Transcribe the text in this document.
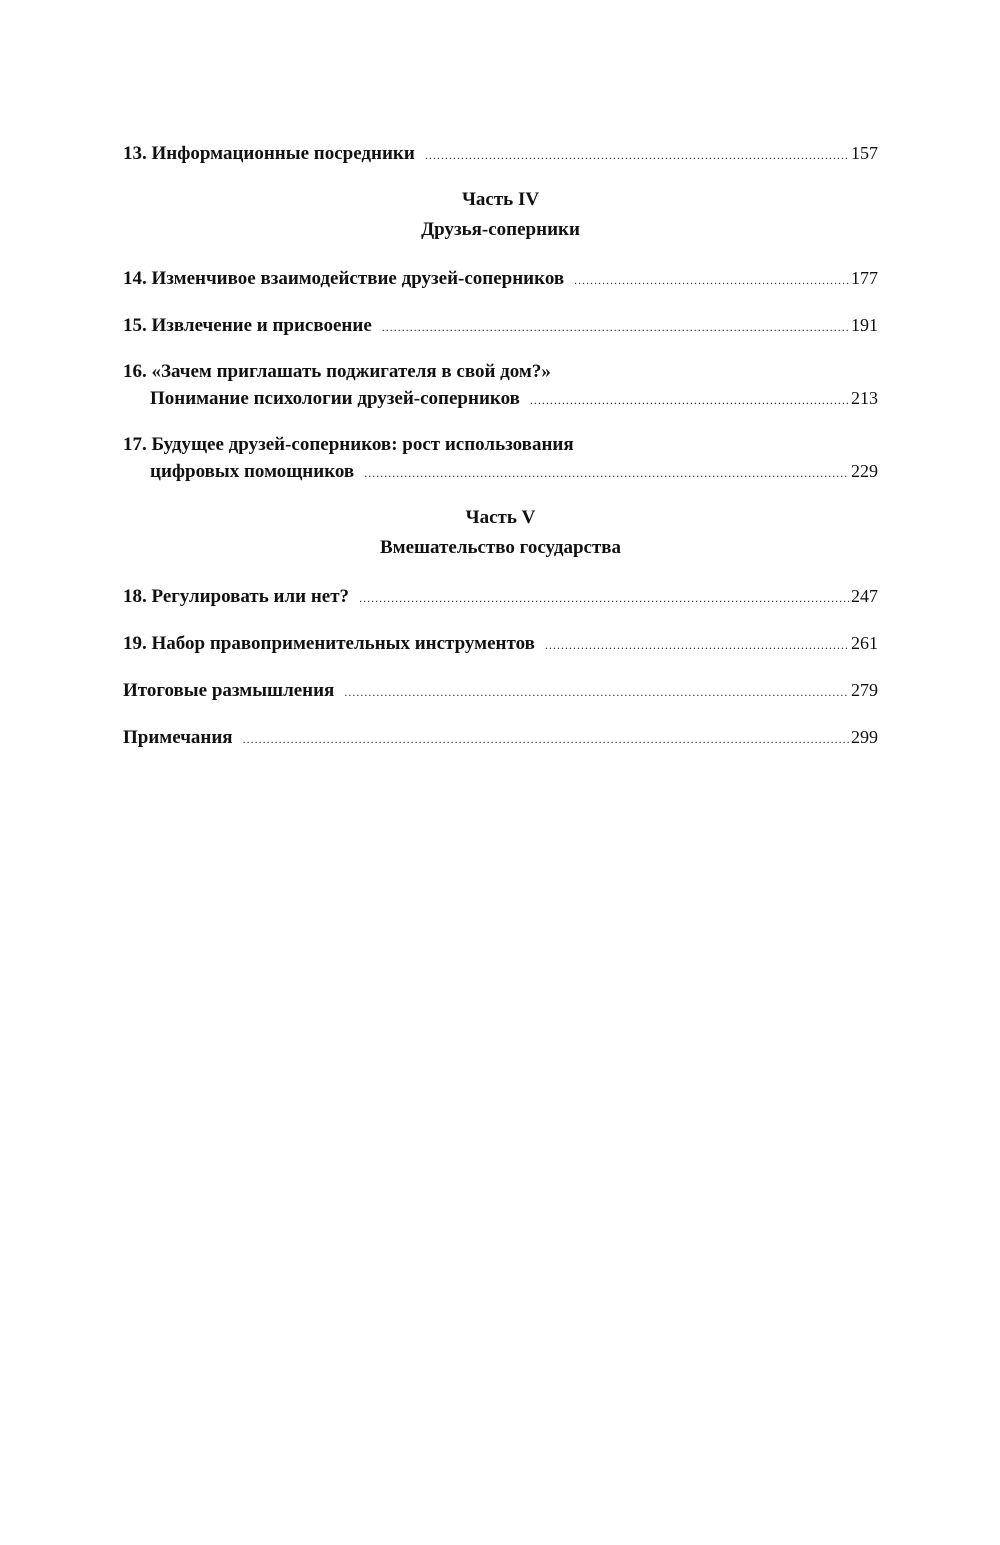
13. Информационные посредники .....	157
Часть IV
Друзья-соперники
14. Изменчивое взаимодействие друзей-соперников .....	177
15. Извлечение и присвоение .....	191
16. «Зачем приглашать поджигателя в свой дом?»
Понимание психологии друзей-соперников .....	213
17. Будущее друзей-соперников: рост использования
цифровых помощников .....	229
Часть V
Вмешательство государства
18. Регулировать или нет? .....	247
19. Набор правоприменительных инструментов .....	261
Итоговые размышления .....	279
Примечания .....	299
